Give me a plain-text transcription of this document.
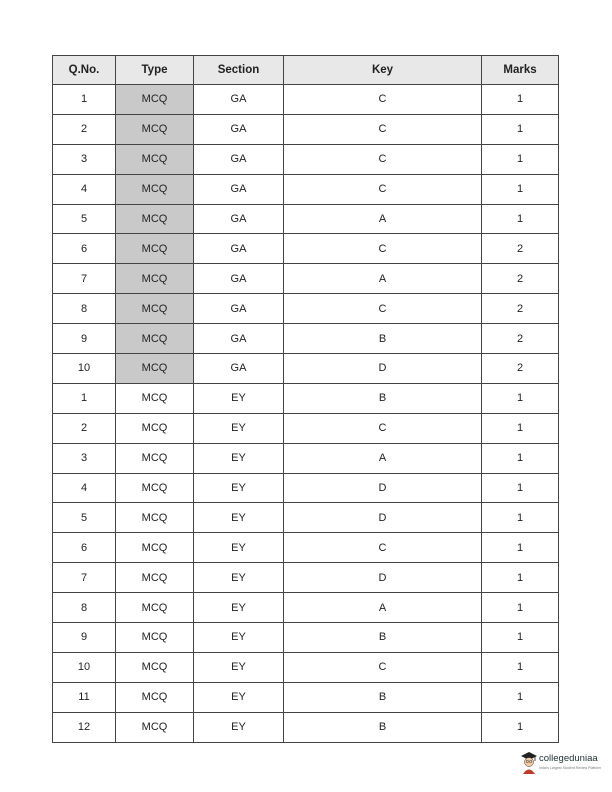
Q.No.	Type	Section	Key	Marks
1	MCQ	GA	C	1
2	MCQ	GA	C	1
3	MCQ	GA	C	1
4	MCQ	GA	C	1
5	MCQ	GA	A	1
6	MCQ	GA	C	2
7	MCQ	GA	A	2
8	MCQ	GA	C	2
9	MCQ	GA	B	2
10	MCQ	GA	D	2
1	MCQ	EY	B	1
2	MCQ	EY	C	1
3	MCQ	EY	A	1
4	MCQ	EY	D	1
5	MCQ	EY	D	1
6	MCQ	EY	C	1
7	MCQ	EY	D	1
8	MCQ	EY	A	1
9	MCQ	EY	B	1
10	MCQ	EY	C	1
11	MCQ	EY	B	1
12	MCQ	EY	B	1
collegeduniaa
India's Largest Student Review Platform
